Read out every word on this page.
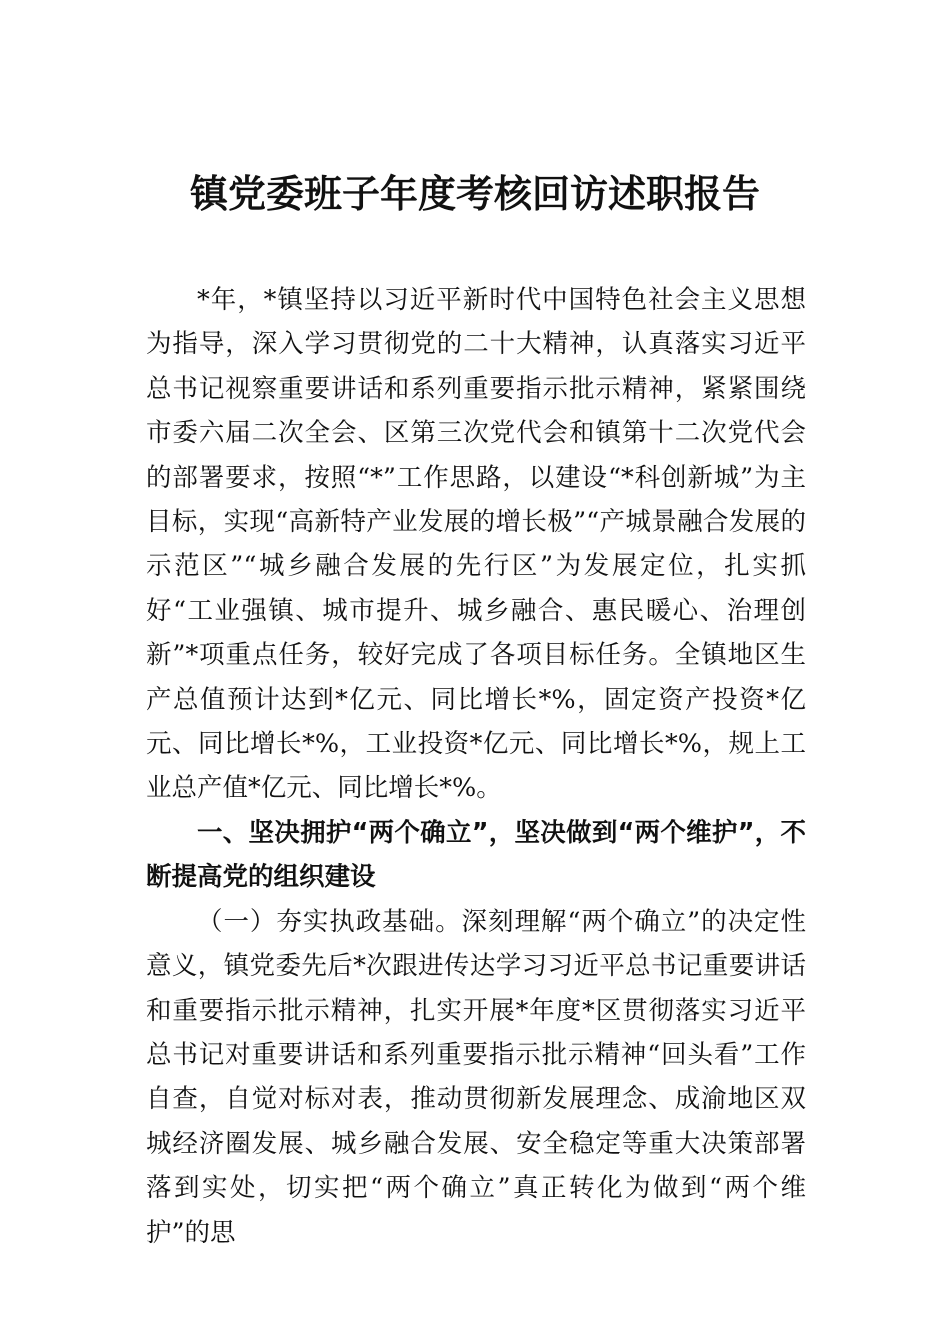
镇党委班子年度考核回访述职报告

*年，*镇坚持以习近平新时代中国特色社会主义思想为指导，深入学习贯彻党的二十大精神，认真落实习近平总书记视察重要讲话和系列重要指示批示精神，紧紧围绕市委六届二次全会、区第三次党代会和镇第十二次党代会的部署要求，按照“*”工作思路，以建设“*科创新城”为主目标，实现“高新特产业发展的增长极”“产城景融合发展的示范区”“城乡融合发展的先行区”为发展定位，扎实抓好“工业强镇、城市提升、城乡融合、惠民暖心、治理创新”*项重点任务，较好完成了各项目标任务。全镇地区生产总值预计达到*亿元、同比增长*%，固定资产投资*亿元、同比增长*%，工业投资*亿元、同比增长*%，规上工业总产值*亿元、同比增长*%。

一、坚决拥护“两个确立”，坚决做到“两个维护”，不断提高党的组织建设

（一）夯实执政基础。深刻理解“两个确立”的决定性意义，镇党委先后*次跟进传达学习习近平总书记重要讲话和重要指示批示精神，扎实开展*年度*区贯彻落实习近平总书记对重要讲话和系列重要指示批示精神“回头看”工作自查，自觉对标对表，推动贯彻新发展理念、成渝地区双城经济圈发展、城乡融合发展、安全稳定等重大决策部署落到实处，切实把“两个确立”真正转化为做到“两个维护”的思
